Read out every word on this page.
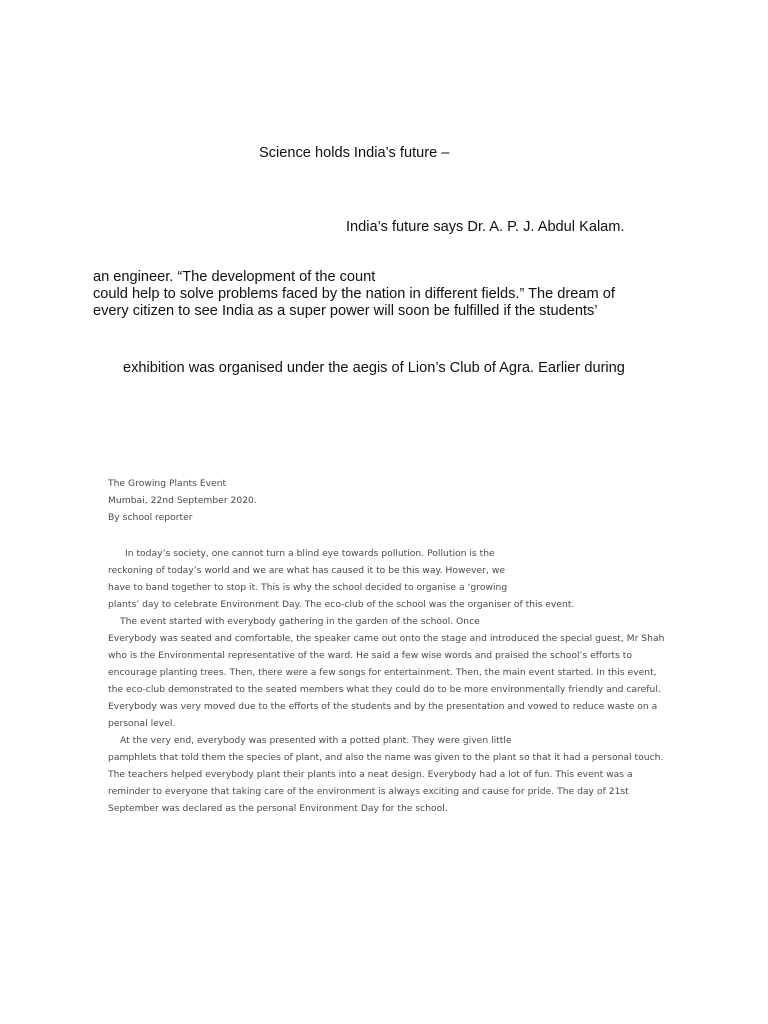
Science holds India’s future –
India’s future says Dr. A. P. J. Abdul Kalam.
an engineer. “The development of the count
could help to solve problems faced by the nation in different fields.” The dream of
every citizen to see India as a super power will soon be fulfilled if the students’
exhibition was organised under the aegis of Lion’s Club of Agra. Earlier during
The Growing Plants Event
Mumbai, 22nd September 2020.
By school reporter
In today’s society, one cannot turn a blind eye towards pollution. Pollution is the
reckoning of today’s world and we are what has caused it to be this way. However, we
have to band together to stop it. This is why the school decided to organise a ‘growing
plants’ day to celebrate Environment Day. The eco-club of the school was the organiser of this event.
The event started with everybody gathering in the garden of the school. Once
Everybody was seated and comfortable, the speaker came out onto the stage and introduced the special guest, Mr Shah
who is the Environmental representative of the ward. He said a few wise words and praised the school’s efforts to
encourage planting trees. Then, there were a few songs for entertainment. Then, the main event started. In this event,
the eco-club demonstrated to the seated members what they could do to be more environmentally friendly and careful.
Everybody was very moved due to the efforts of the students and by the presentation and vowed to reduce waste on a
personal level.
At the very end, everybody was presented with a potted plant. They were given little
pamphlets that told them the species of plant, and also the name was given to the plant so that it had a personal touch.
The teachers helped everybody plant their plants into a neat design. Everybody had a lot of fun. This event was a
reminder to everyone that taking care of the environment is always exciting and cause for pride. The day of 21st
September was declared as the personal Environment Day for the school.
